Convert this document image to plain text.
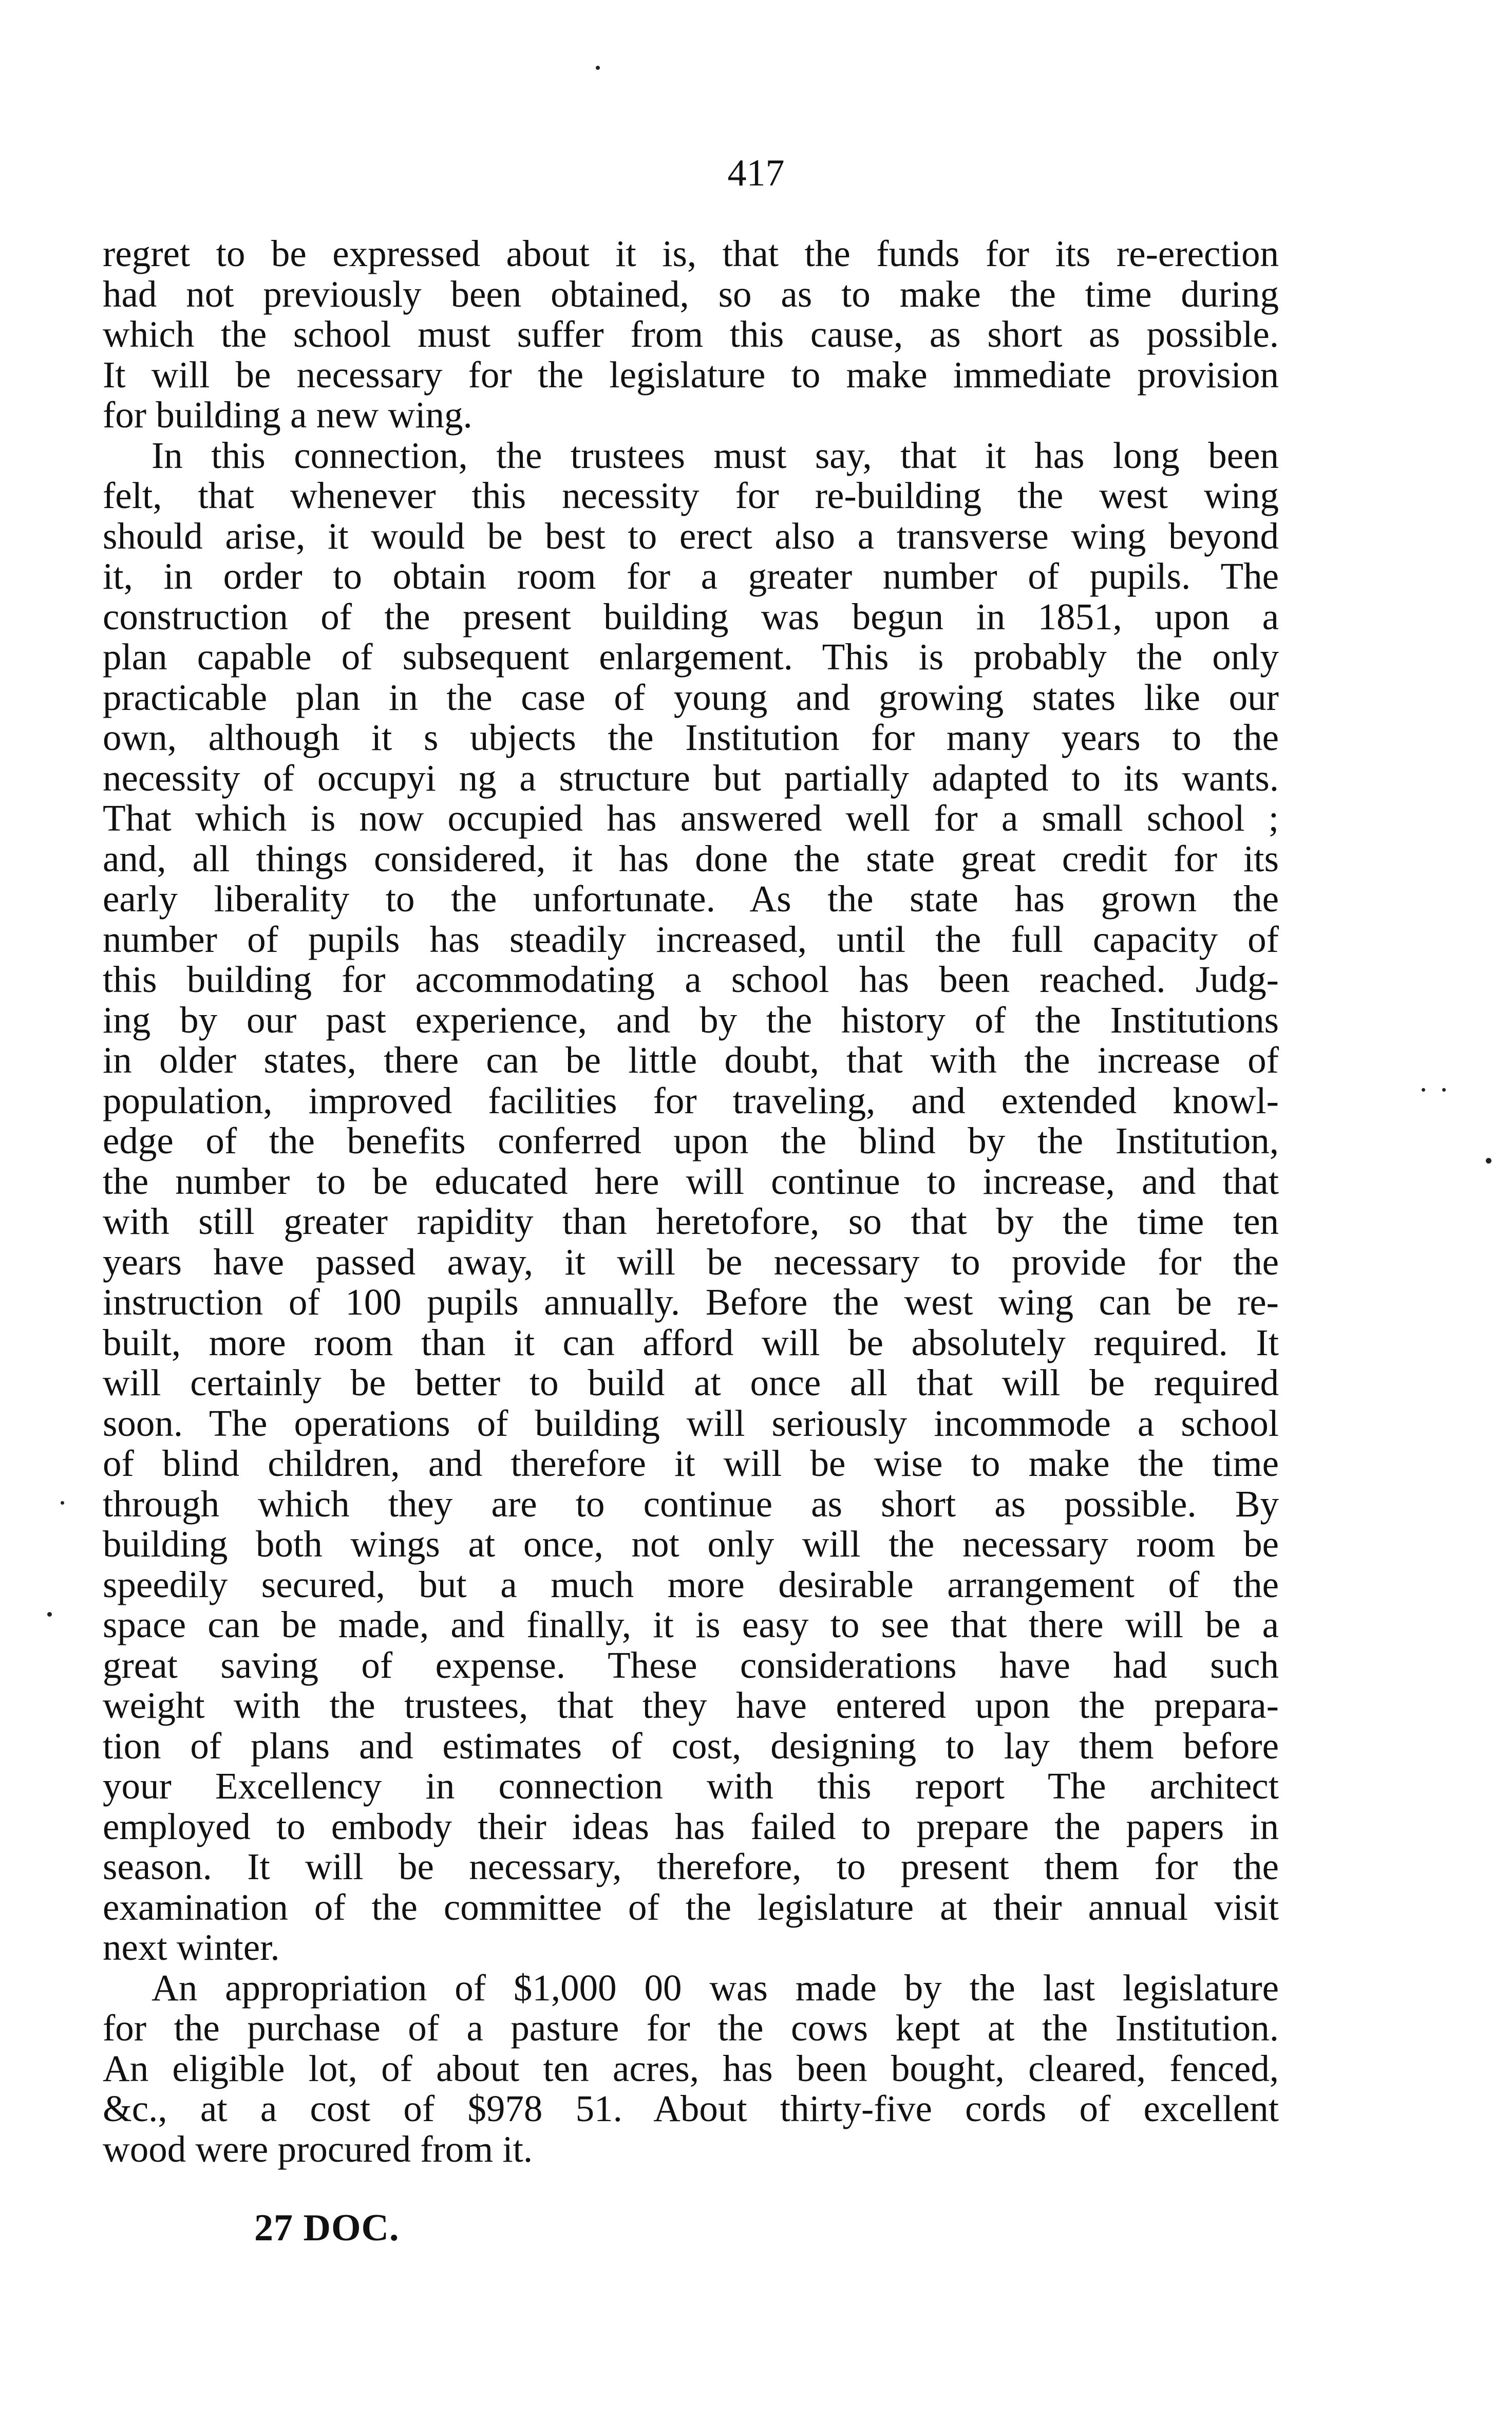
417
regret to be expressed about it is, that the funds for its re-erection
had not previously been obtained, so as to make the time during
which the school must suffer from this cause, as short as possible.
It will be necessary for the legislature to make immediate provision
for building a new wing.
In this connection, the trustees must say, that it has long been
felt, that whenever this necessity for re-building the west wing
should arise, it would be best to erect also a transverse wing beyond
it, in order to obtain room for a greater number of pupils. The
construction of the present building was begun in 1851, upon a
plan capable of subsequent enlargement. This is probably the only
practicable plan in the case of young and growing states like our
own, although it s ubjects the Institution for many years to the
necessity of occupyi ng a structure but partially adapted to its wants.
That which is now occupied has answered well for a small school ;
and, all things considered, it has done the state great credit for its
early liberality to the unfortunate. As the state has grown the
number of pupils has steadily increased, until the full capacity of
this building for accommodating a school has been reached. Judg-
ing by our past experience, and by the history of the Institutions
in older states, there can be little doubt, that with the increase of
population, improved facilities for traveling, and extended knowl-
edge of the benefits conferred upon the blind by the Institution,
the number to be educated here will continue to increase, and that
with still greater rapidity than heretofore, so that by the time ten
years have passed away, it will be necessary to provide for the
instruction of 100 pupils annually. Before the west wing can be re-
built, more room than it can afford will be absolutely required. It
will certainly be better to build at once all that will be required
soon. The operations of building will seriously incommode a school
of blind children, and therefore it will be wise to make the time
through which they are to continue as short as possible. By
building both wings at once, not only will the necessary room be
speedily secured, but a much more desirable arrangement of the
space can be made, and finally, it is easy to see that there will be a
great saving of expense. These considerations have had such
weight with the trustees, that they have entered upon the prepara-
tion of plans and estimates of cost, designing to lay them before
your Excellency in connection with this report The architect
employed to embody their ideas has failed to prepare the papers in
season. It will be necessary, therefore, to present them for the
examination of the committee of the legislature at their annual visit
next winter.
An appropriation of $1,000 00 was made by the last legislature
for the purchase of a pasture for the cows kept at the Institution.
An eligible lot, of about ten acres, has been bought, cleared, fenced,
&c., at a cost of $978 51. About thirty-five cords of excellent
wood were procured from it.
27 DOC.
